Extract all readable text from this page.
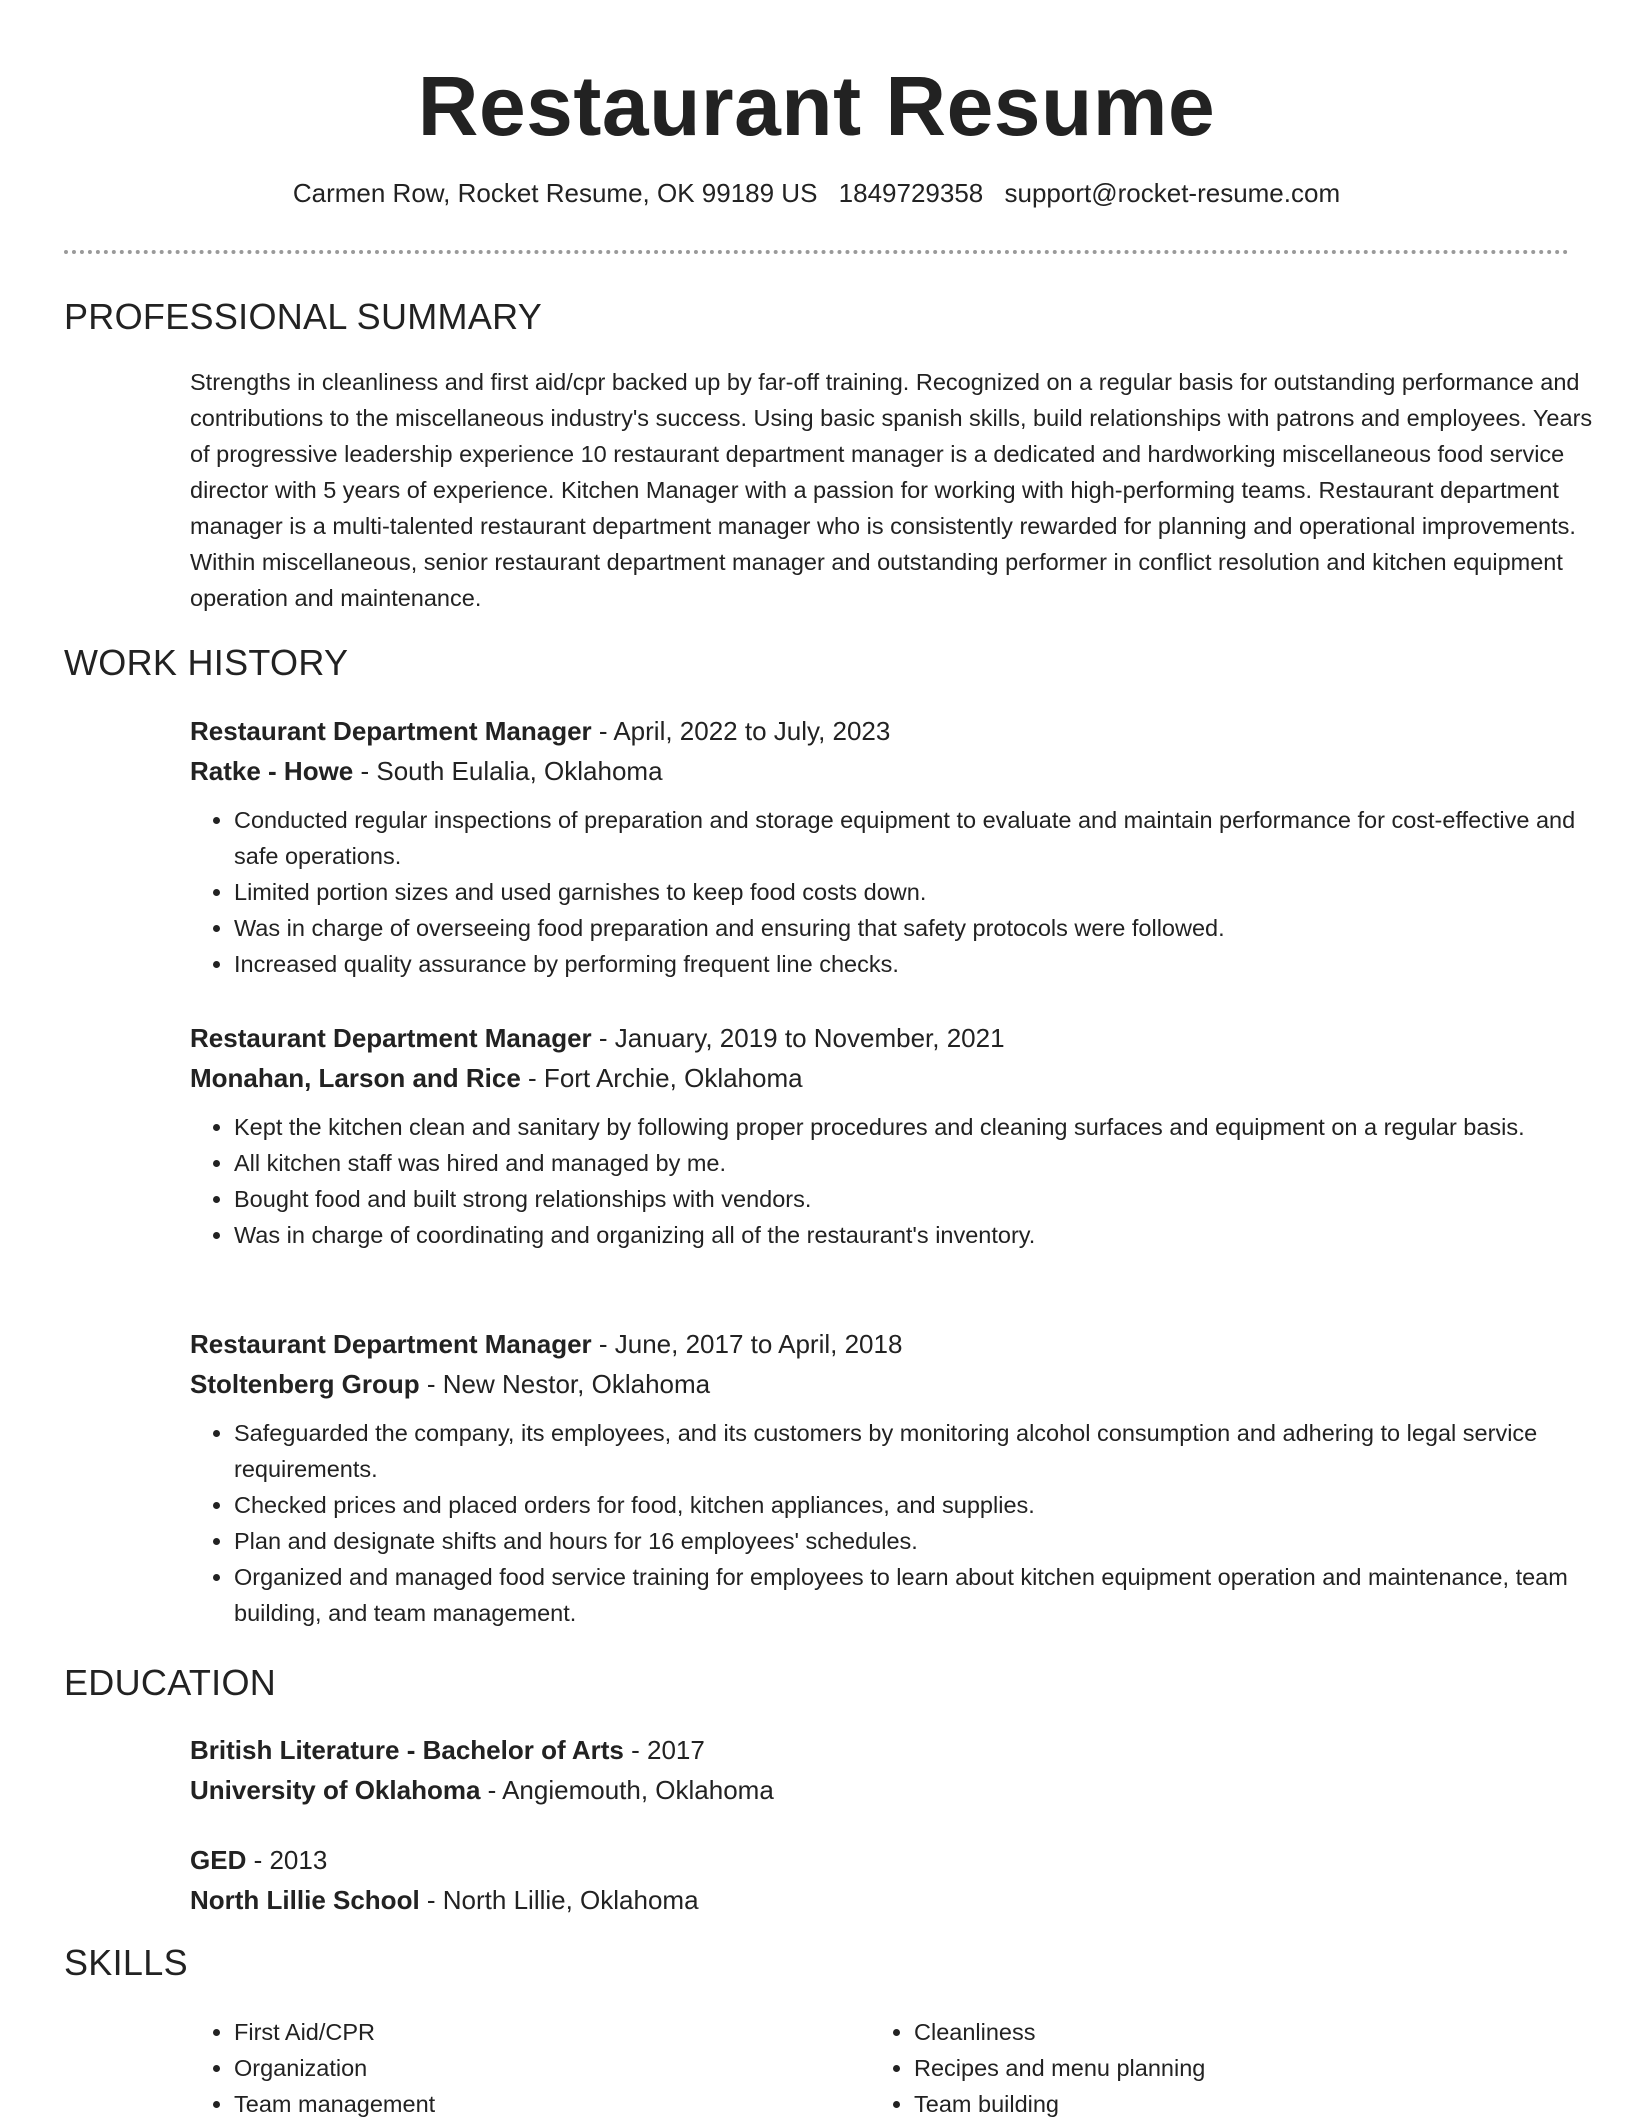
Restaurant Resume
Carmen Row, Rocket Resume, OK 99189 US 1849729358 support@rocket-resume.com
PROFESSIONAL SUMMARY

Strengths in cleanliness and first aid/cpr backed up by far-off training. Recognized on a regular basis for outstanding performance and contributions to the miscellaneous industry's success. Using basic spanish skills, build relationships with patrons and employees. Years of progressive leadership experience 10 restaurant department manager is a dedicated and hardworking miscellaneous food service director with 5 years of experience. Kitchen Manager with a passion for working with high-performing teams. Restaurant department manager is a multi-talented restaurant department manager who is consistently rewarded for planning and operational improvements. Within miscellaneous, senior restaurant department manager and outstanding performer in conflict resolution and kitchen equipment operation and maintenance.

WORK HISTORY

Restaurant Department Manager - April, 2022 to July, 2023

Ratke - Howe - South Eulalia, Oklahoma

• Conducted regular inspections of preparation and storage equipment to evaluate and maintain performance for cost-effective and safe operations.
• Limited portion sizes and used garnishes to keep food costs down.
• Was in charge of overseeing food preparation and ensuring that safety protocols were followed.
• Increased quality assurance by performing frequent line checks.

Restaurant Department Manager - January, 2019 to November, 2021

Monahan, Larson and Rice - Fort Archie, Oklahoma

• Kept the kitchen clean and sanitary by following proper procedures and cleaning surfaces and equipment on a regular basis.
• All kitchen staff was hired and managed by me.
• Bought food and built strong relationships with vendors.
• Was in charge of coordinating and organizing all of the restaurant's inventory.

Restaurant Department Manager - June, 2017 to April, 2018

Stoltenberg Group - New Nestor, Oklahoma

• Safeguarded the company, its employees, and its customers by monitoring alcohol consumption and adhering to legal service requirements.
• Checked prices and placed orders for food, kitchen appliances, and supplies.
• Plan and designate shifts and hours for 16 employees' schedules.
• Organized and managed food service training for employees to learn about kitchen equipment operation and maintenance, team building, and team management.
EDUCATION

British Literature - Bachelor of Arts - 2017

University of Oklahoma - Angiemouth, Oklahoma

GED - 2013

North Lillie School - North Lillie, Oklahoma

SKILLS
• First Aid/CPR
• Organization
• Team management
• Cleanliness
• Recipes and menu planning
• Team building
